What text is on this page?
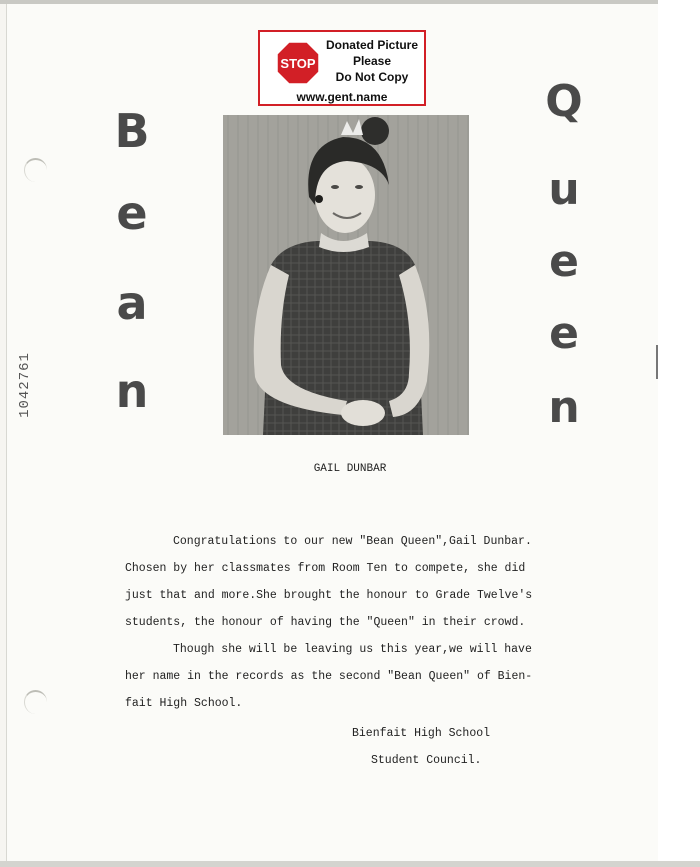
STOP
Donated Picture
Please
Do Not Copy
www.gent.name
B
e
a
n
Q
u
e
e
n
1042761
GAIL DUNBAR
Congratulations to our new "Bean Queen",Gail Dunbar.
Chosen by her classmates from Room Ten to compete, she did
just that and more.She brought the honour to Grade Twelve's
students, the honour of having the "Queen" in their crowd.
Though she will be leaving us this year,we will have
her name in the records as the second "Bean Queen" of Bien-
fait High School.
Bienfait High School
Student Council.
